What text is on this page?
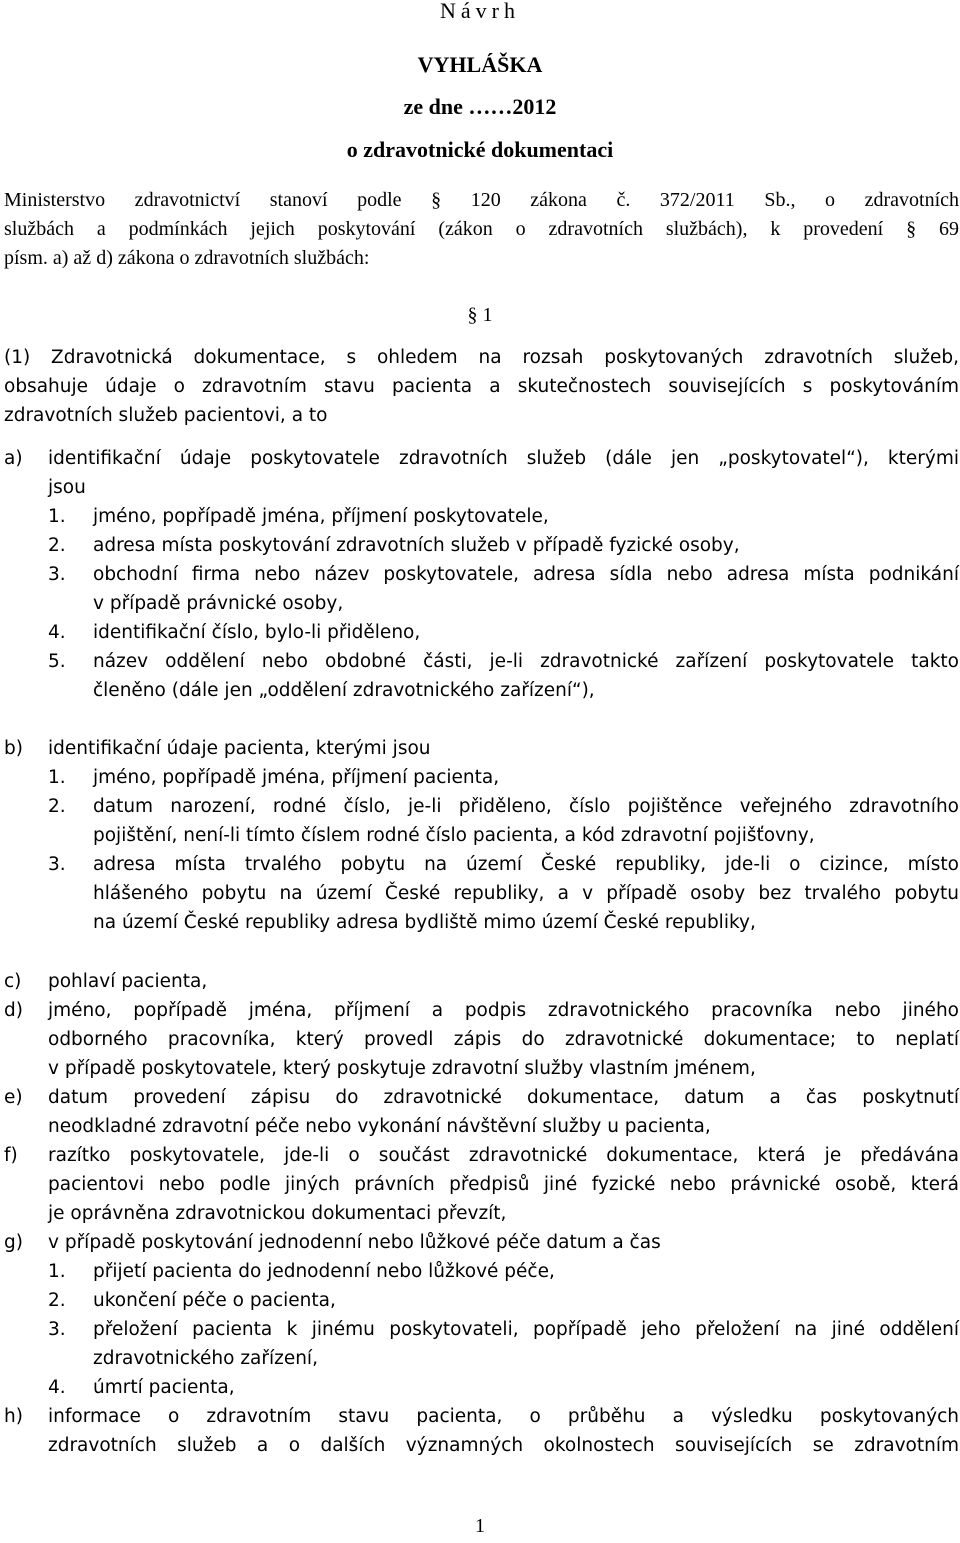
Návrh
VYHLÁŠKA
ze dne ……2012
o zdravotnické dokumentaci
Ministerstvo zdravotnictví stanoví podle § 120 zákona č. 372/2011 Sb., o zdravotních
službách a podmínkách jejich poskytování (zákon o zdravotních službách), k provedení § 69
písm. a) až d) zákona o zdravotních službách:
§ 1
(1) Zdravotnická dokumentace, s ohledem na rozsah poskytovaných zdravotních služeb,
obsahuje údaje o zdravotním stavu pacienta a skutečnostech souvisejících s poskytováním
zdravotních služeb pacientovi, a to
a) identifikační údaje poskytovatele zdravotních služeb (dále jen „poskytovatel“), kterými
jsou
1. jméno, popřípadě jména, příjmení poskytovatele,
2. adresa místa poskytování zdravotních služeb v případě fyzické osoby,
3. obchodní firma nebo název poskytovatele, adresa sídla nebo adresa místa podnikání
v případě právnické osoby,
4. identifikační číslo, bylo-li přiděleno,
5. název oddělení nebo obdobné části, je-li zdravotnické zařízení poskytovatele takto
členěno (dále jen „oddělení zdravotnického zařízení“),
b) identifikační údaje pacienta, kterými jsou
1. jméno, popřípadě jména, příjmení pacienta,
2. datum narození, rodné číslo, je-li přiděleno, číslo pojištěnce veřejného zdravotního
pojištění, není-li tímto číslem rodné číslo pacienta, a kód zdravotní pojišťovny,
3. adresa místa trvalého pobytu na území České republiky, jde-li o cizince, místo
hlášeného pobytu na území České republiky, a v případě osoby bez trvalého pobytu
na území České republiky adresa bydliště mimo území České republiky,
c) pohlaví pacienta,
d) jméno, popřípadě jména, příjmení a podpis zdravotnického pracovníka nebo jiného
odborného pracovníka, který provedl zápis do zdravotnické dokumentace; to neplatí
v případě poskytovatele, který poskytuje zdravotní služby vlastním jménem,
e) datum provedení zápisu do zdravotnické dokumentace, datum a čas poskytnutí
neodkladné zdravotní péče nebo vykonání návštěvní služby u pacienta,
f) razítko poskytovatele, jde-li o součást zdravotnické dokumentace, která je předávána
pacientovi nebo podle jiných právních předpisů jiné fyzické nebo právnické osobě, která
je oprávněna zdravotnickou dokumentaci převzít,
g) v případě poskytování jednodenní nebo lůžkové péče datum a čas
1. přijetí pacienta do jednodenní nebo lůžkové péče,
2. ukončení péče o pacienta,
3. přeložení pacienta k jinému poskytovateli, popřípadě jeho přeložení na jiné oddělení
zdravotnického zařízení,
4. úmrtí pacienta,
h) informace o zdravotním stavu pacienta, o průběhu a výsledku poskytovaných
zdravotních služeb a o dalších významných okolnostech souvisejících se zdravotním
1
